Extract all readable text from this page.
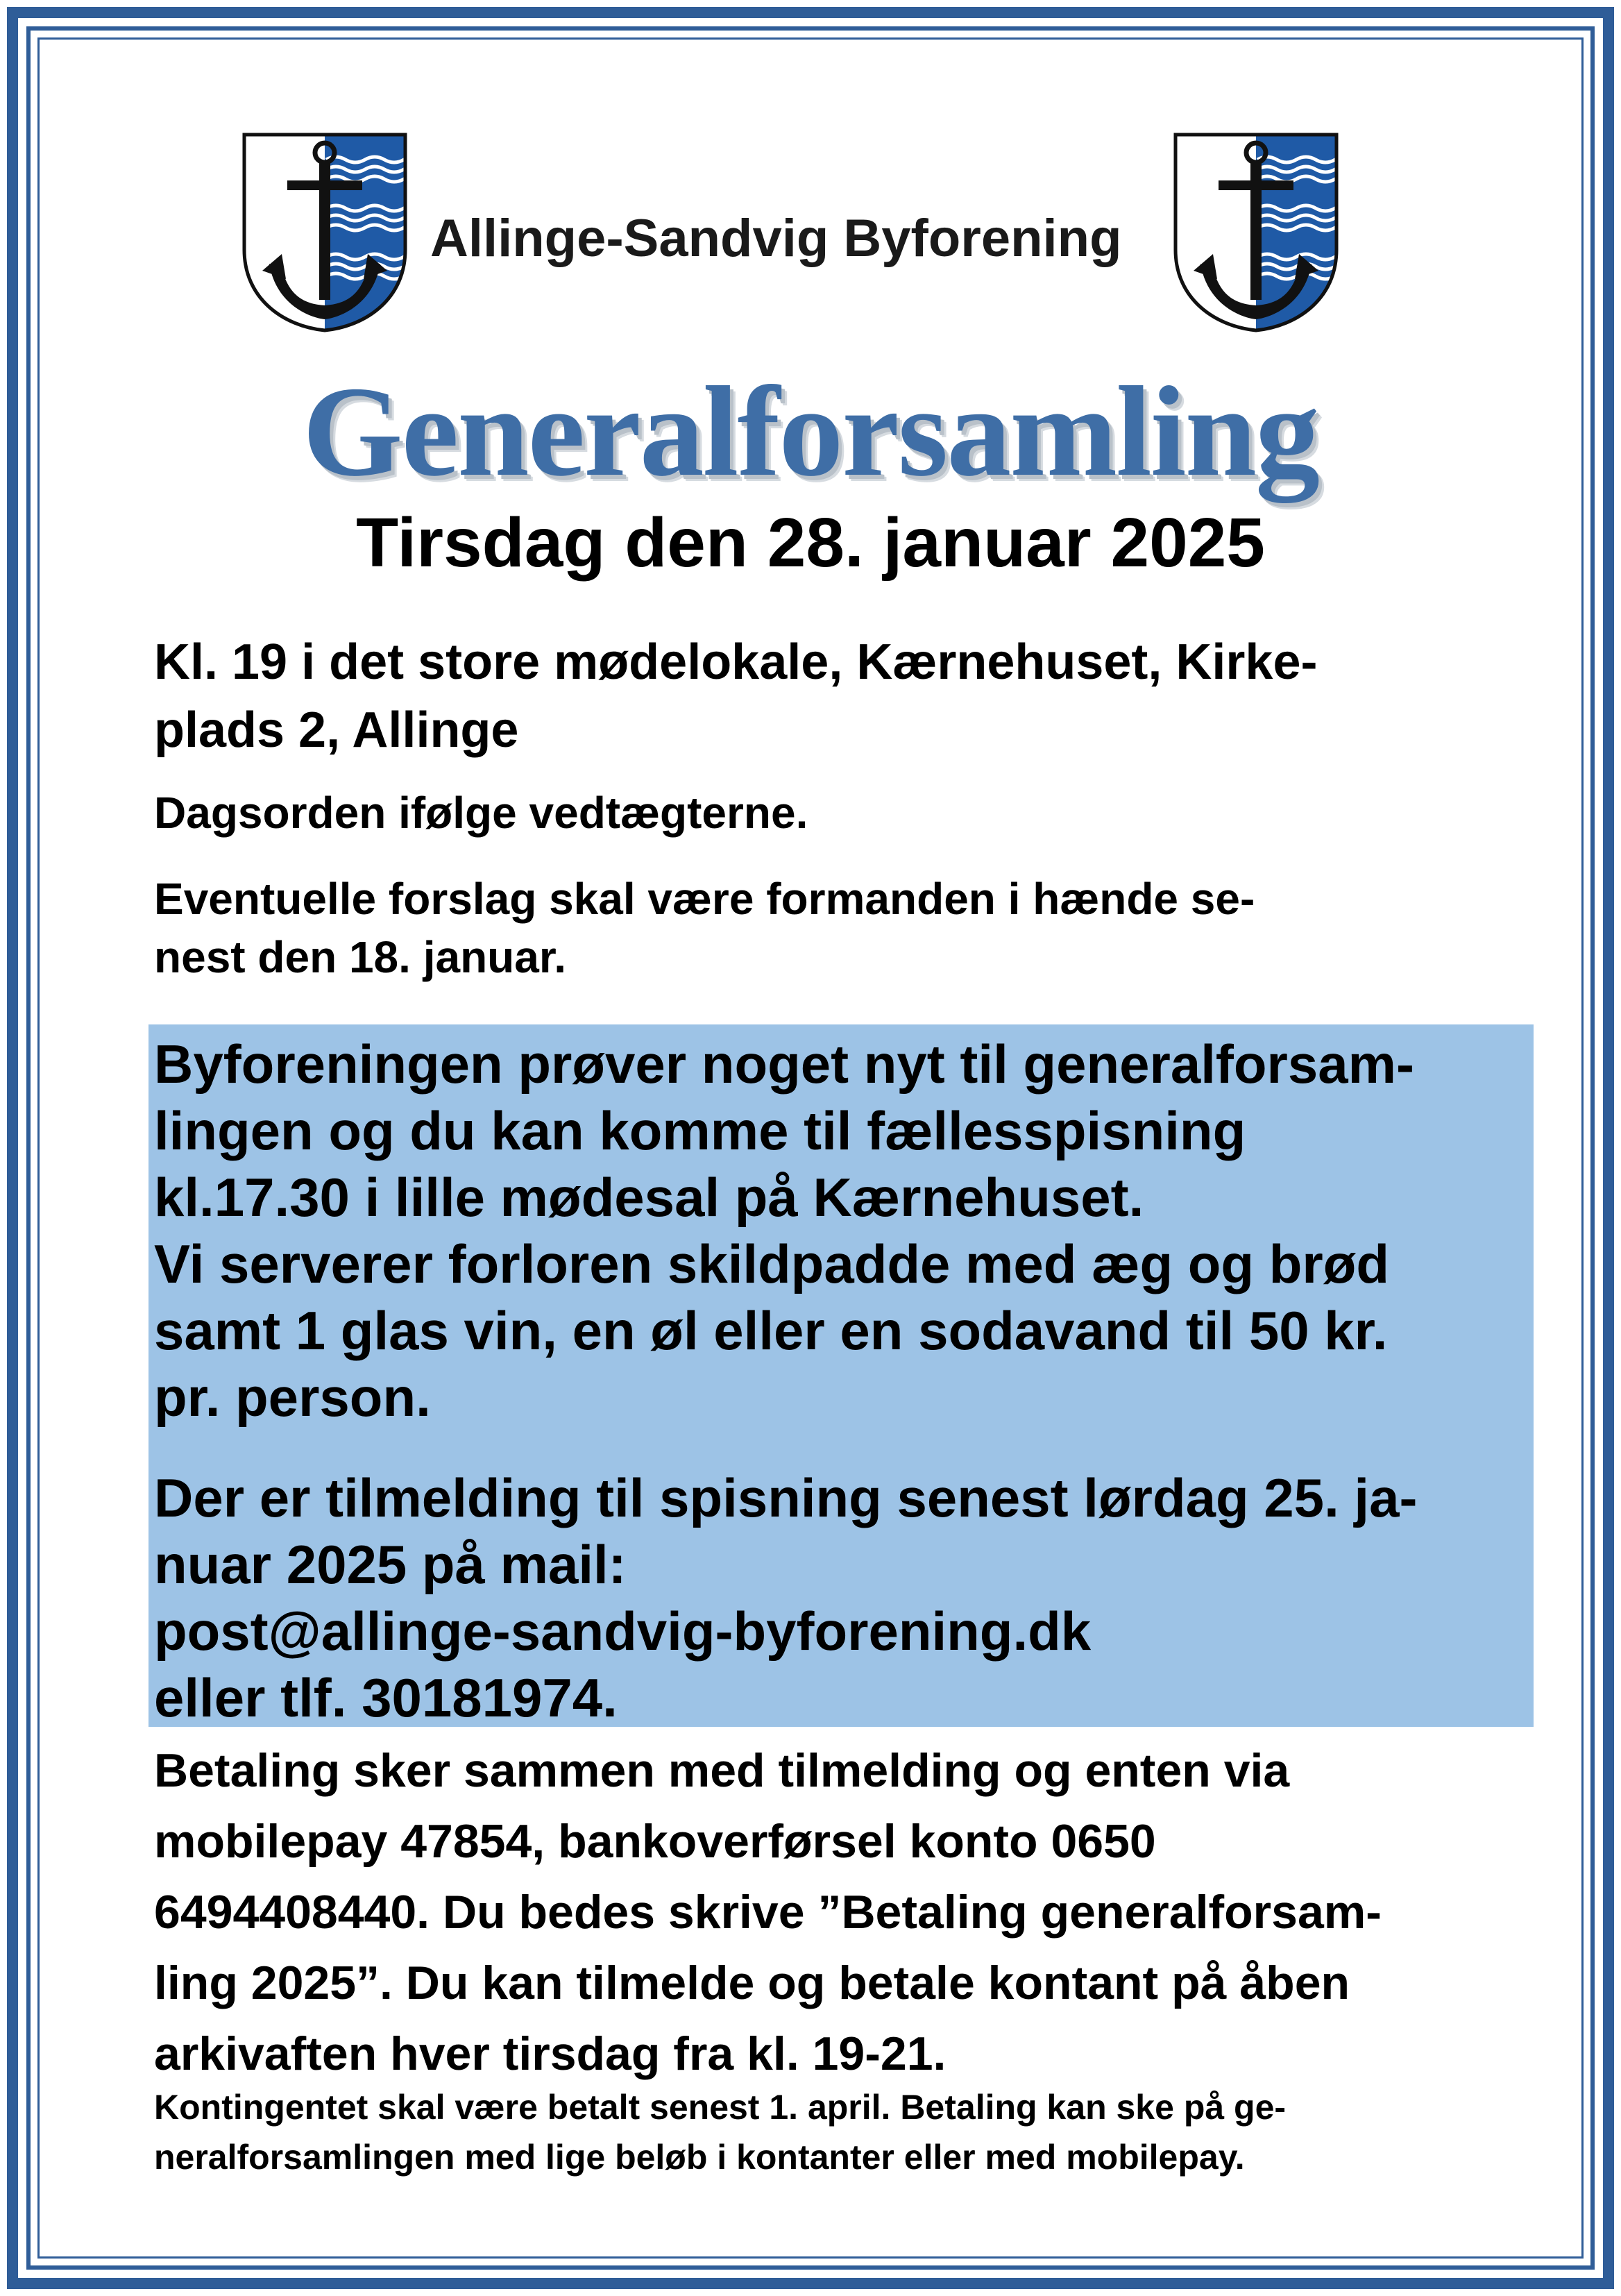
Allinge-Sandvig Byforening
Generalforsamling
Tirsdag den 28. januar 2025
Kl. 19 i det store mødelokale, Kærnehuset, Kirke-
plads 2, Allinge
Dagsorden ifølge vedtægterne.
Eventuelle forslag skal være formanden i hænde se-
nest den 18. januar.
Byforeningen prøver noget nyt til generalforsam-
lingen og du kan komme til fællesspisning
kl.17.30 i lille mødesal på Kærnehuset.
Vi serverer forloren skildpadde med æg og brød
samt 1 glas vin, en øl eller en sodavand til 50 kr.
pr. person.
Der er tilmelding til spisning senest lørdag 25. ja-
nuar 2025 på mail:
post@allinge-sandvig-byforening.dk
eller tlf. 30181974.
Betaling sker sammen med tilmelding og enten via
mobilepay 47854, bankoverførsel konto 0650
6494408440. Du bedes skrive ”Betaling generalforsam-
ling 2025”. Du kan tilmelde og betale kontant på åben
arkivaften hver tirsdag fra kl. 19-21.
Kontingentet skal være betalt senest 1. april. Betaling kan ske på ge-
neralforsamlingen med lige beløb i kontanter eller med mobilepay.
